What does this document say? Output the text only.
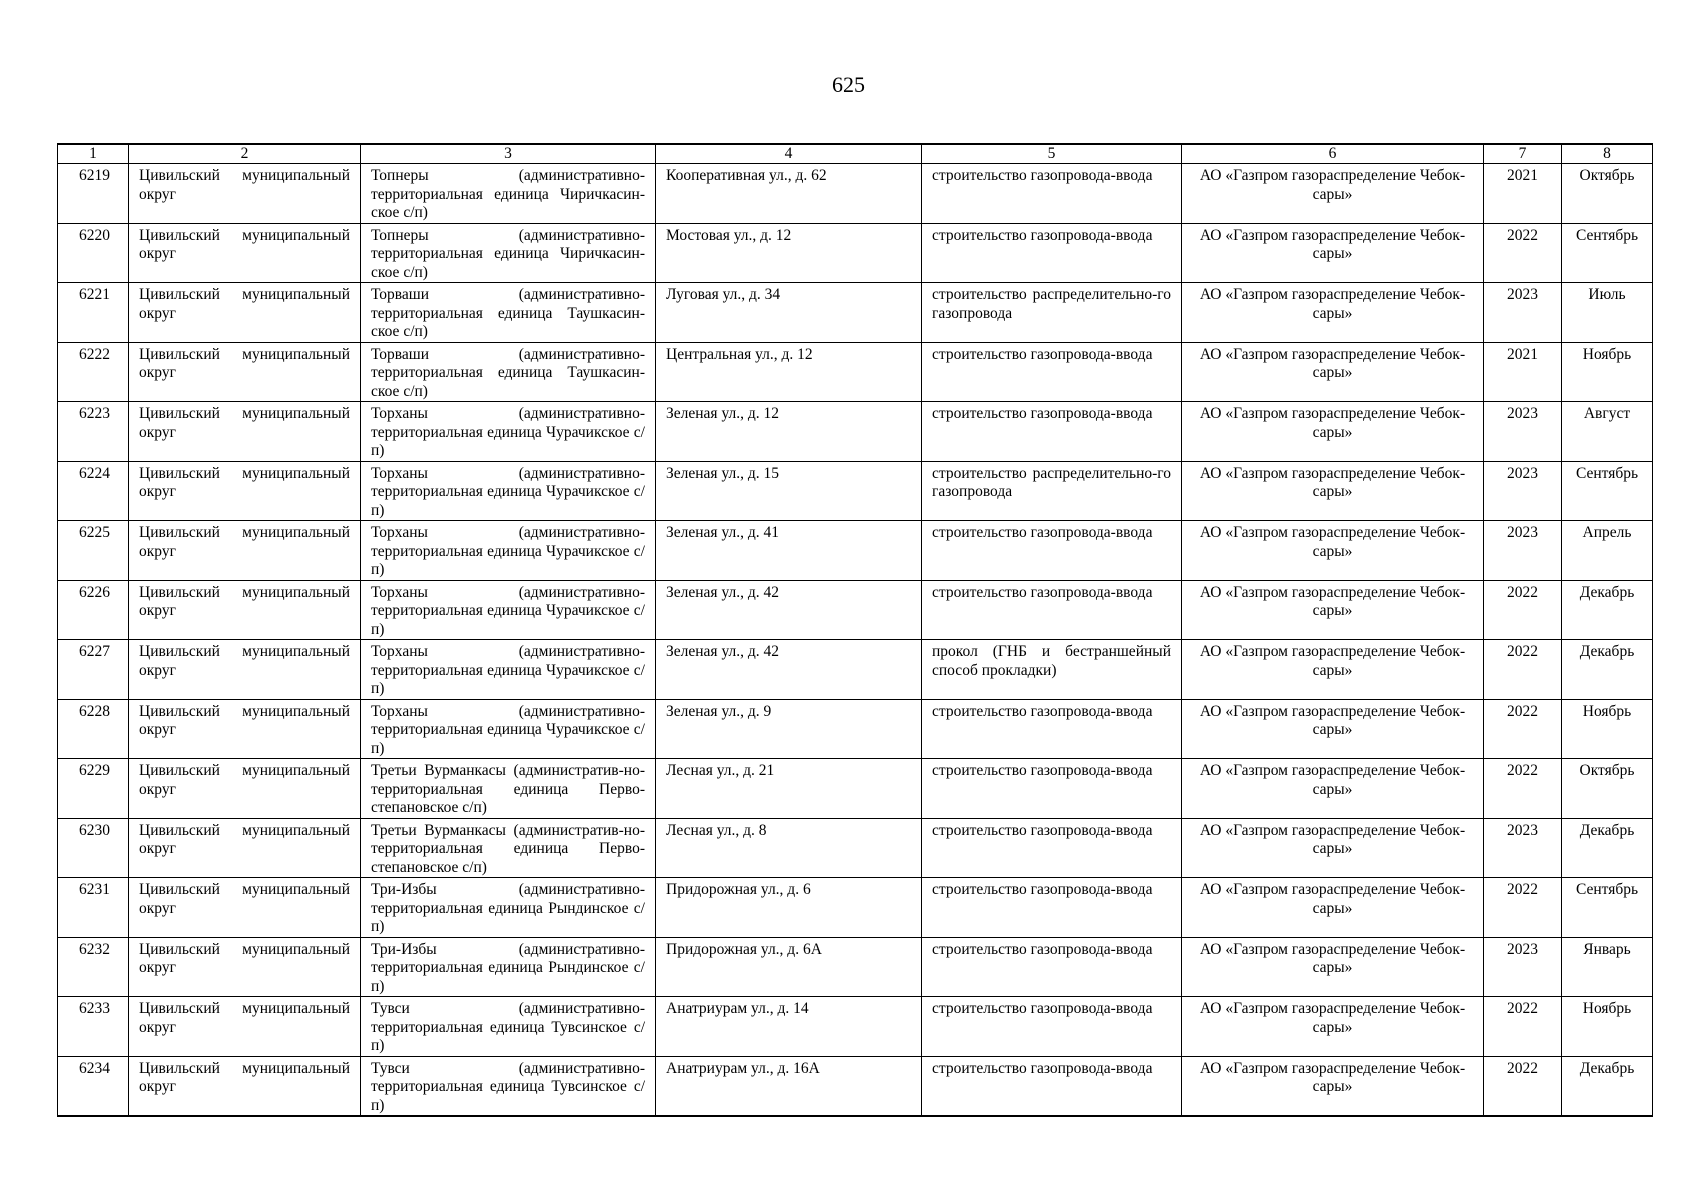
625
1	2	3	4	5	6	7	8
6219	Цивильский муниципальный округ	Топнеры (административно-территориальная единица Чиричкасин-ское с/п)	Кооперативная ул., д. 62	строительство газопровода-ввода	АО «Газпром газораспределение Чебок-сары»	2021	Октябрь
6220	Цивильский муниципальный округ	Топнеры (административно-территориальная единица Чиричкасин-ское с/п)	Мостовая ул., д. 12	строительство газопровода-ввода	АО «Газпром газораспределение Чебок-сары»	2022	Сентябрь
6221	Цивильский муниципальный округ	Торваши (административно-территориальная единица Таушкасин-ское с/п)	Луговая ул., д. 34	строительство распределительно-го газопровода	АО «Газпром газораспределение Чебок-сары»	2023	Июль
6222	Цивильский муниципальный округ	Торваши (административно-территориальная единица Таушкасин-ское с/п)	Центральная ул., д. 12	строительство газопровода-ввода	АО «Газпром газораспределение Чебок-сары»	2021	Ноябрь
6223	Цивильский муниципальный округ	Торханы (административно-территориальная единица Чурачикское с/п)	Зеленая ул., д. 12	строительство газопровода-ввода	АО «Газпром газораспределение Чебок-сары»	2023	Август
6224	Цивильский муниципальный округ	Торханы (административно-территориальная единица Чурачикское с/п)	Зеленая ул., д. 15	строительство распределительно-го газопровода	АО «Газпром газораспределение Чебок-сары»	2023	Сентябрь
6225	Цивильский муниципальный округ	Торханы (административно-территориальная единица Чурачикское с/п)	Зеленая ул., д. 41	строительство газопровода-ввода	АО «Газпром газораспределение Чебок-сары»	2023	Апрель
6226	Цивильский муниципальный округ	Торханы (административно-территориальная единица Чурачикское с/п)	Зеленая ул., д. 42	строительство газопровода-ввода	АО «Газпром газораспределение Чебок-сары»	2022	Декабрь
6227	Цивильский муниципальный округ	Торханы (административно-территориальная единица Чурачикское с/п)	Зеленая ул., д. 42	прокол (ГНБ и бестраншейный способ прокладки)	АО «Газпром газораспределение Чебок-сары»	2022	Декабрь
6228	Цивильский муниципальный округ	Торханы (административно-территориальная единица Чурачикское с/п)	Зеленая ул., д. 9	строительство газопровода-ввода	АО «Газпром газораспределение Чебок-сары»	2022	Ноябрь
6229	Цивильский муниципальный округ	Третьи Вурманкасы (административ-но-территориальная единица Перво-степановское с/п)	Лесная ул., д. 21	строительство газопровода-ввода	АО «Газпром газораспределение Чебок-сары»	2022	Октябрь
6230	Цивильский муниципальный округ	Третьи Вурманкасы (административ-но-территориальная единица Перво-степановское с/п)	Лесная ул., д. 8	строительство газопровода-ввода	АО «Газпром газораспределение Чебок-сары»	2023	Декабрь
6231	Цивильский муниципальный округ	Три-Избы (административно-территориальная единица Рындинское с/п)	Придорожная ул., д. 6	строительство газопровода-ввода	АО «Газпром газораспределение Чебок-сары»	2022	Сентябрь
6232	Цивильский муниципальный округ	Три-Избы (административно-территориальная единица Рындинское с/п)	Придорожная ул., д. 6А	строительство газопровода-ввода	АО «Газпром газораспределение Чебок-сары»	2023	Январь
6233	Цивильский муниципальный округ	Тувси (административно-территориальная единица Тувсинское с/п)	Анатриурам ул., д. 14	строительство газопровода-ввода	АО «Газпром газораспределение Чебок-сары»	2022	Ноябрь
6234	Цивильский муниципальный округ	Тувси (административно-территориальная единица Тувсинское с/п)	Анатриурам ул., д. 16А	строительство газопровода-ввода	АО «Газпром газораспределение Чебок-сары»	2022	Декабрь
